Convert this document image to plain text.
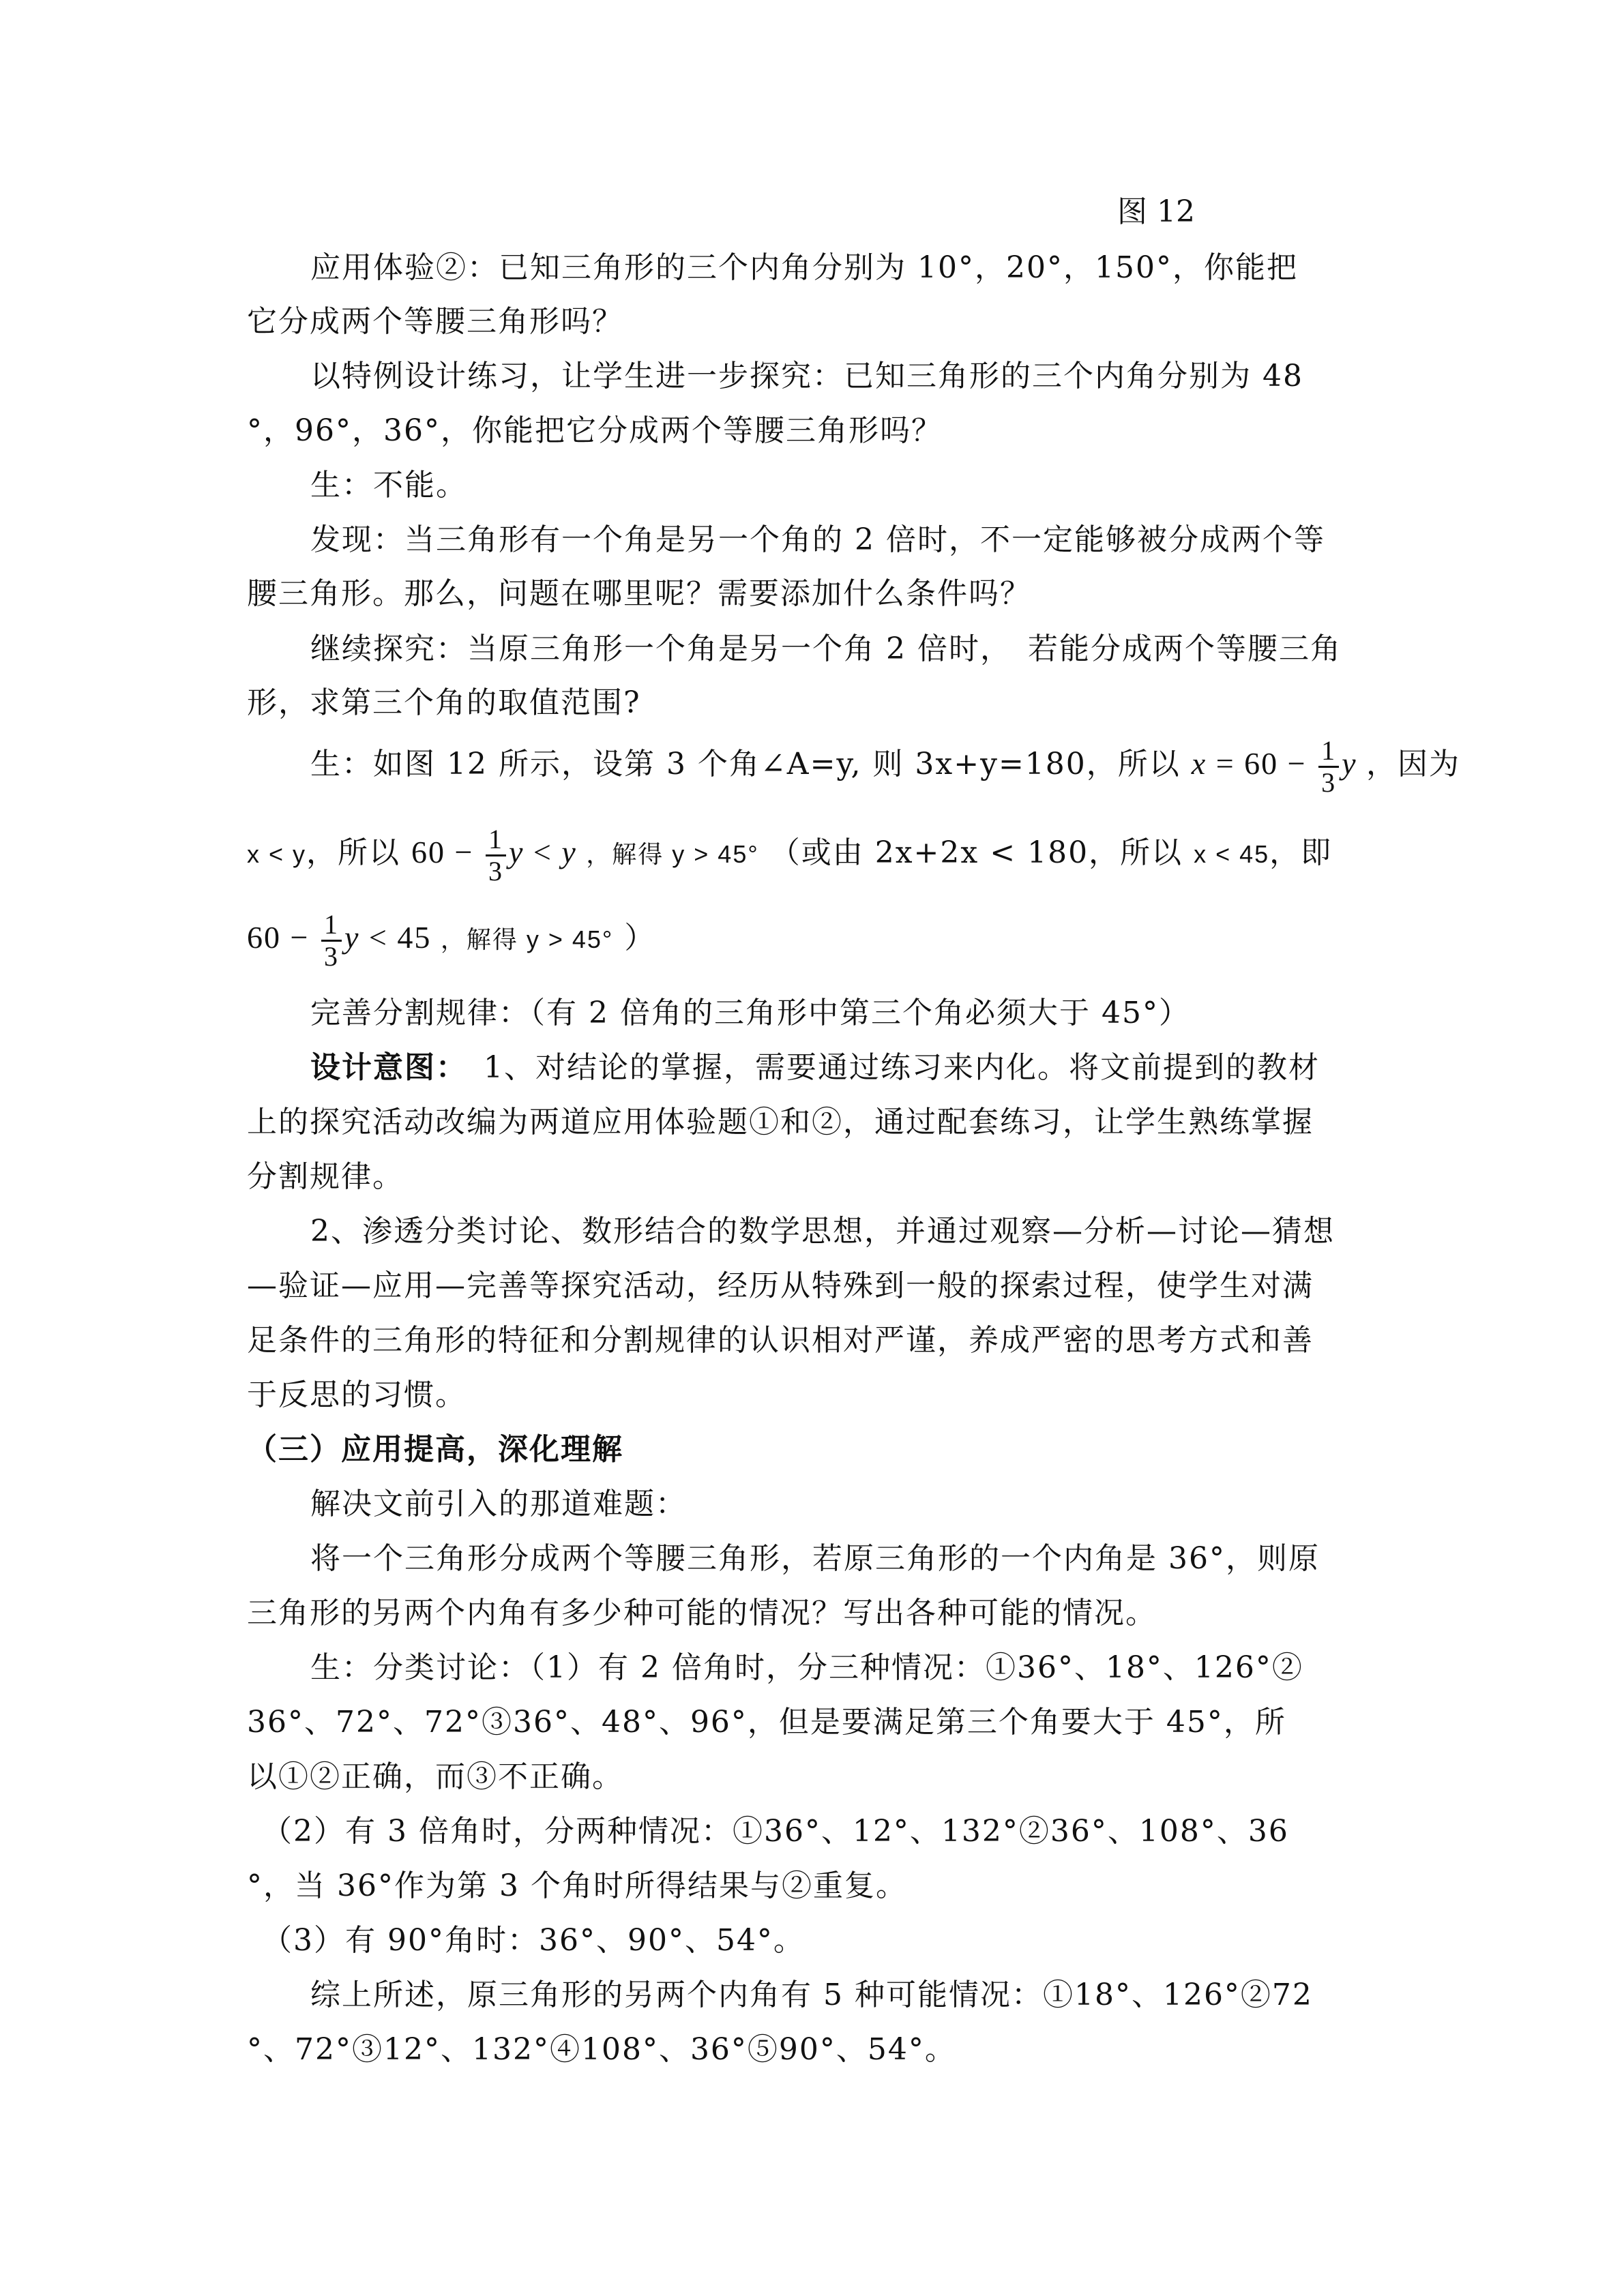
图 12
应用体验②：已知三角形的三个内角分别为 10°，20°，150°，你能把
它分成两个等腰三角形吗？
以特例设计练习，让学生进一步探究：已知三角形的三个内角分别为 48
°，96°，36°，你能把它分成两个等腰三角形吗？
生：不能。
发现：当三角形有一个角是另一个角的 2 倍时，不一定能够被分成两个等
腰三角形。那么，问题在哪里呢？需要添加什么条件吗？
继续探究：当原三角形一个角是另一个角 2 倍时，　若能分成两个等腰三角
形，求第三个角的取值范围?
生：如图 12 所示，设第 3 个角∠A=y, 则 3x+y=180，所以 $x = 60 - \frac{1}{3}$ y ，因为
x < y，所以 $60 - \frac{1}{3}$ y < y ，解得 y > 45° （或由 2x+2x < 180，所以 x < 45，即
$60 - \frac{1}{3}$ y < 45 ，解得 y > 45° ）
完善分割规律：（有 2 倍角的三角形中第三个角必须大于 45°）
设计意图：　1、对结论的掌握，需要通过练习来内化。将文前提到的教材
上的探究活动改编为两道应用体验题①和②，通过配套练习，让学生熟练掌握
分割规律。
2、渗透分类讨论、数形结合的数学思想，并通过观察—分析—讨论—猜想
—验证—应用—完善等探究活动，经历从特殊到一般的探索过程，使学生对满
足条件的三角形的特征和分割规律的认识相对严谨，养成严密的思考方式和善
于反思的习惯。
（三）应用提高，深化理解
解决文前引入的那道难题：
将一个三角形分成两个等腰三角形，若原三角形的一个内角是 36°，则原
三角形的另两个内角有多少种可能的情况？写出各种可能的情况。
生：分类讨论：（1）有 2 倍角时，分三种情况：①36°、18°、126°②
36°、72°、72°③36°、48°、96°，但是要满足第三个角要大于 45°，所
以①②正确，而③不正确。
（2）有 3 倍角时，分两种情况：①36°、12°、132°②36°、108°、36
°，当 36°作为第 3 个角时所得结果与②重复。
（3）有 90°角时：36°、90°、54°。
综上所述，原三角形的另两个内角有 5 种可能情况：①18°、126°②72
°、72°③12°、132°④108°、36°⑤90°、54°。
